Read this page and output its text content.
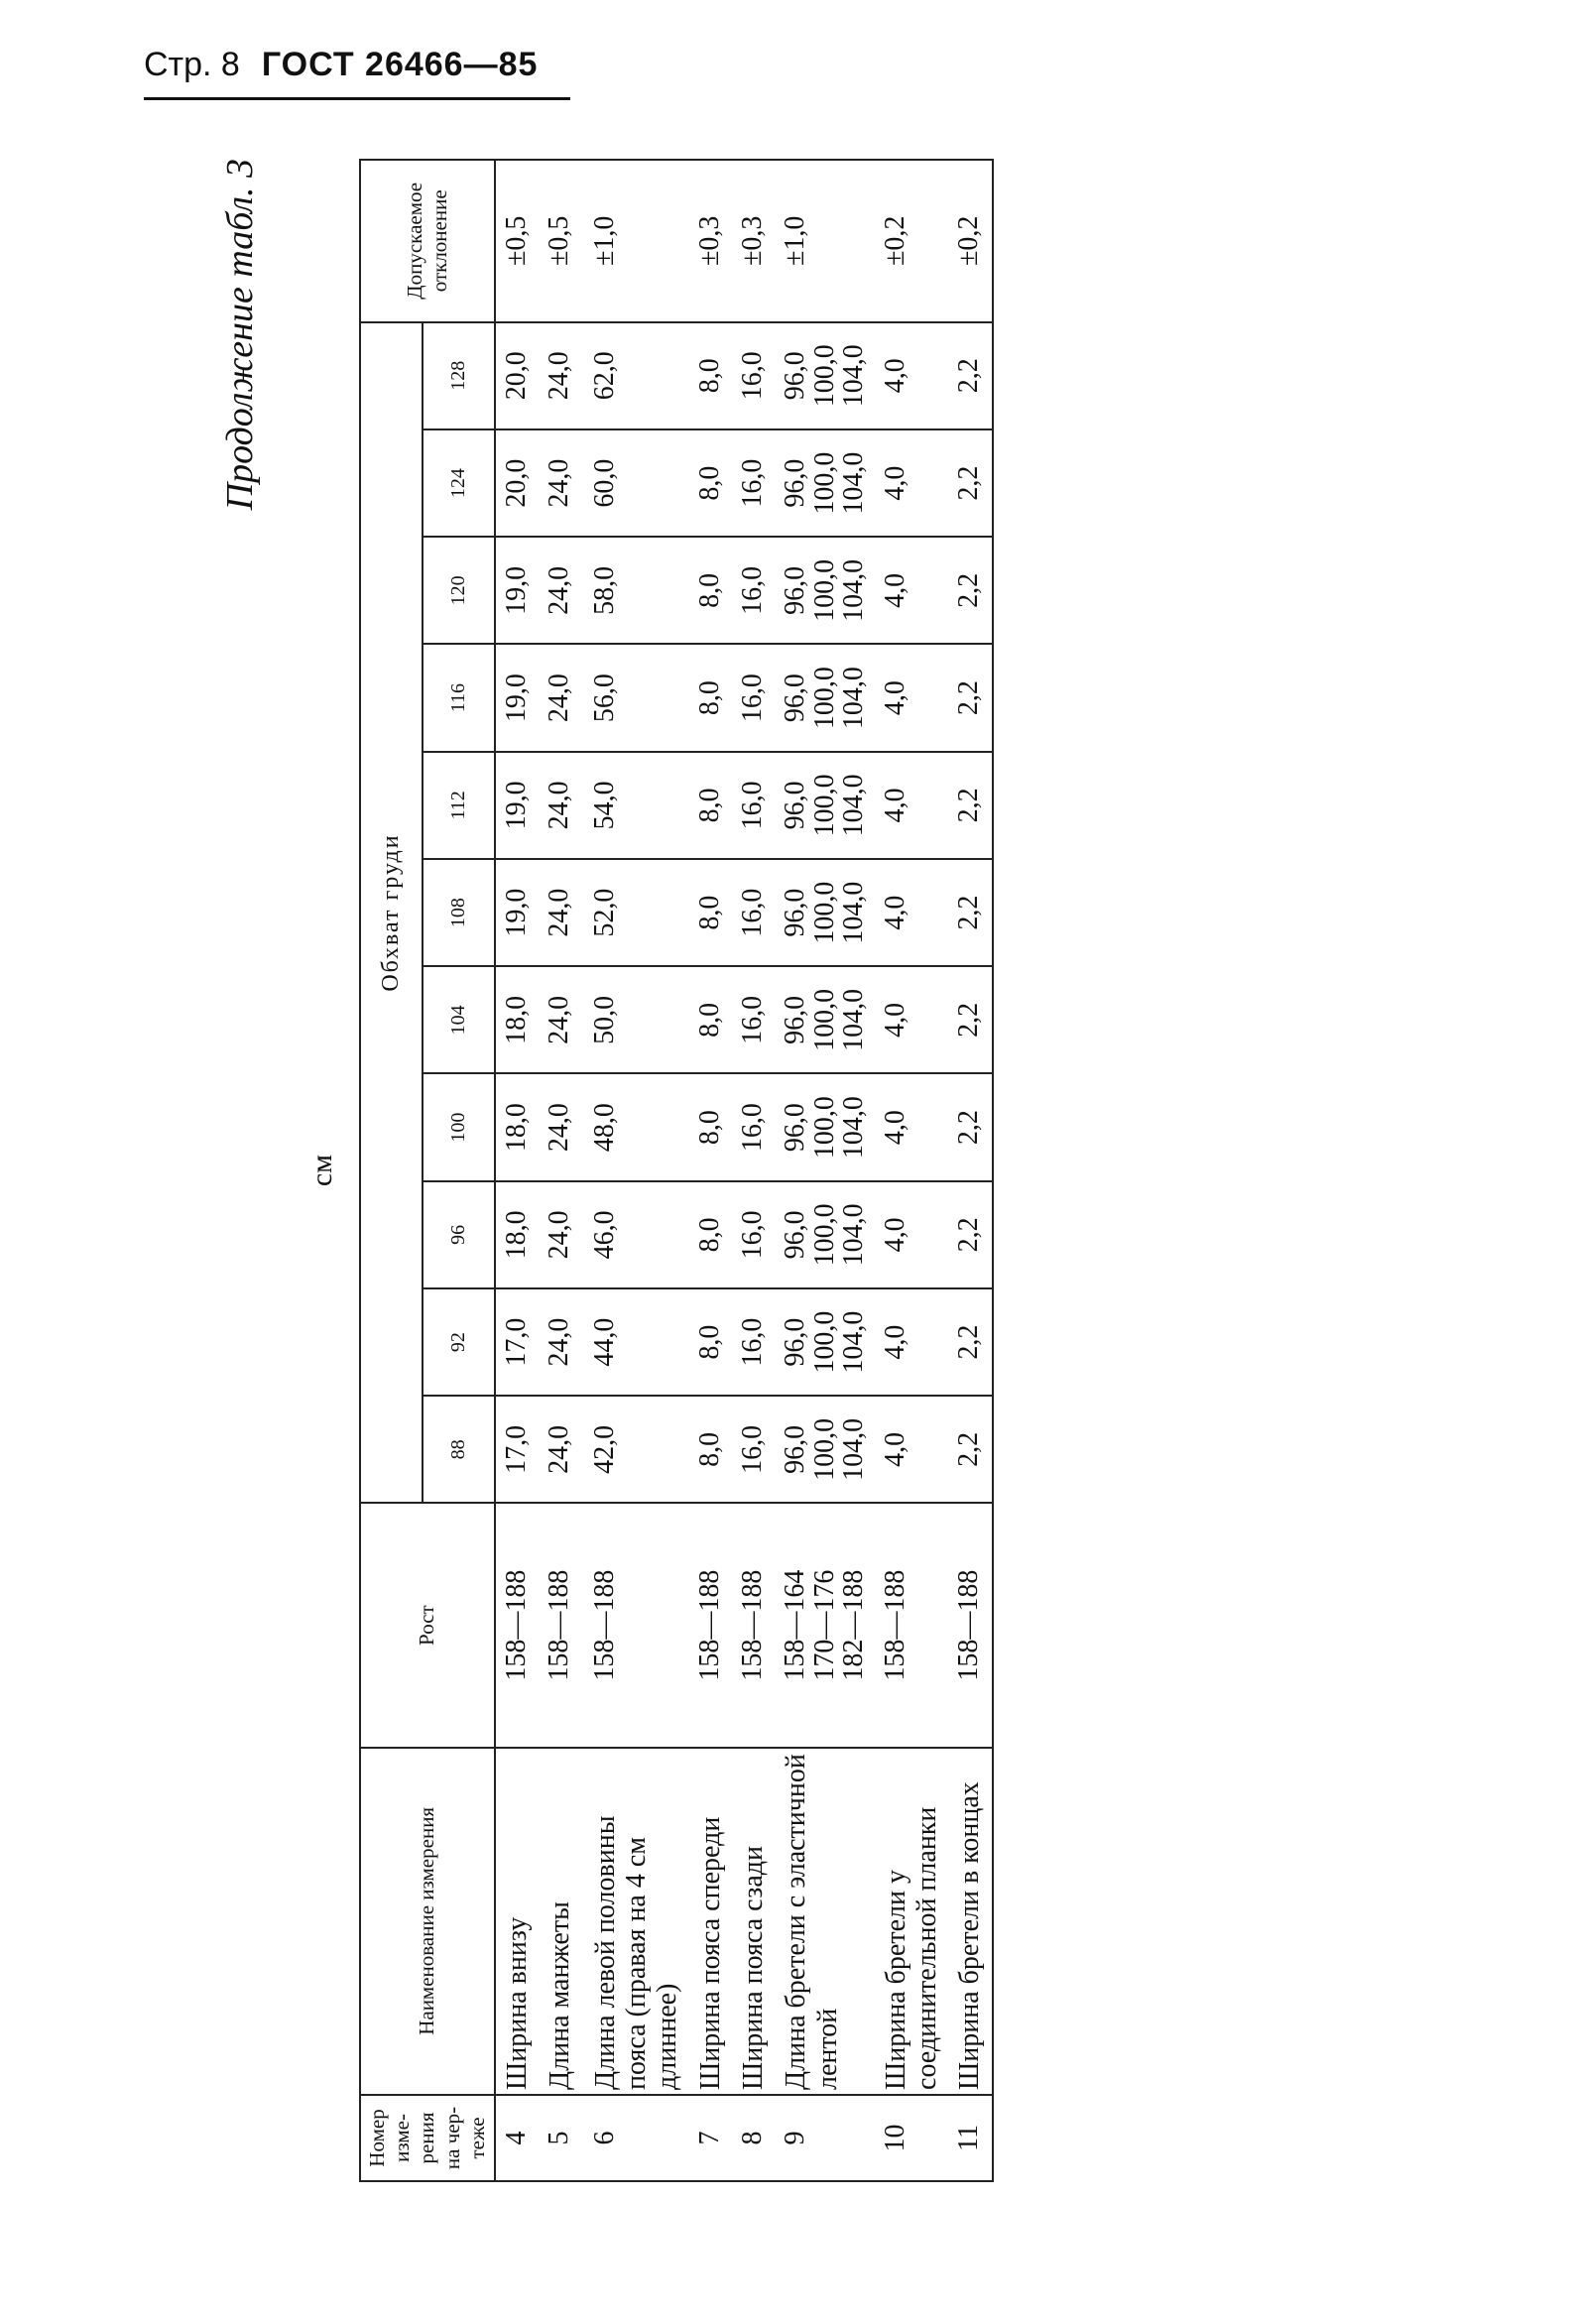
Стр. 8 ГОСТ 26466—85
Продолжение табл. 3
см
Номер изме-рения на чер-теже	Наименование измерения	Рост	Обхват груди											Допускаемое отклонение
			88	92	96	100	104	108	112	116	120	124	128	
4	Ширина внизу	158—188	17,0	17,0	18,0	18,0	18,0	19,0	19,0	19,0	19,0	20,0	20,0	±0,5
5	Длина манжеты	158—188	24,0	24,0	24,0	24,0	24,0	24,0	24,0	24,0	24,0	24,0	24,0	±0,5
6	Длина левой половины пояса (правая на 4 см длиннее)	158—188	42,0	44,0	46,0	48,0	50,0	52,0	54,0	56,0	58,0	60,0	62,0	±1,0
7	Ширина пояса спереди	158—188	8,0	8,0	8,0	8,0	8,0	8,0	8,0	8,0	8,0	8,0	8,0	±0,3
8	Ширина пояса сзади	158—188	16,0	16,0	16,0	16,0	16,0	16,0	16,0	16,0	16,0	16,0	16,0	±0,3
9	Длина бретели с эластичной лентой	158—164
170—176
182—188	96,0
100,0
104,0	96,0
100,0
104,0	96,0
100,0
104,0	96,0
100,0
104,0	96,0
100,0
104,0	96,0
100,0
104,0	96,0
100,0
104,0	96,0
100,0
104,0	96,0
100,0
104,0	96,0
100,0
104,0	96,0
100,0
104,0	±1,0
10	Ширина бретели у соединительной планки	158—188	4,0	4,0	4,0	4,0	4,0	4,0	4,0	4,0	4,0	4,0	4,0	±0,2
11	Ширина бретели в концах	158—188	2,2	2,2	2,2	2,2	2,2	2,2	2,2	2,2	2,2	2,2	2,2	±0,2
